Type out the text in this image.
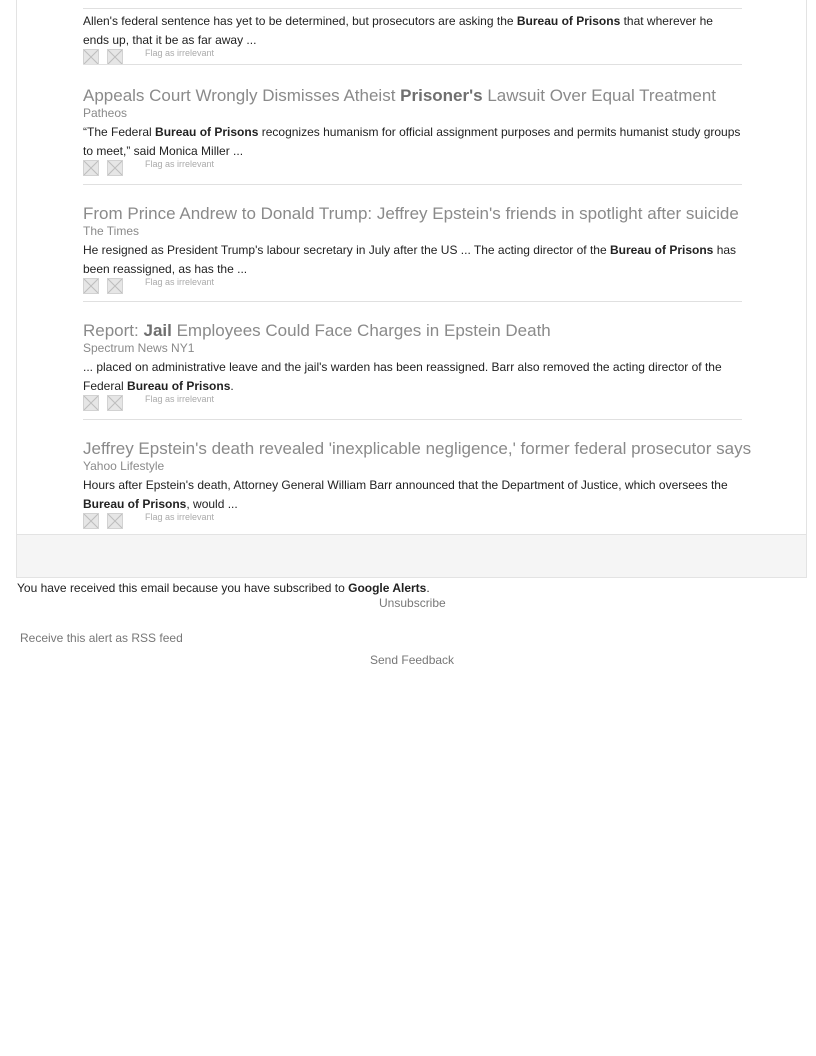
Allen's federal sentence has yet to be determined, but prosecutors are asking the Bureau of Prisons that wherever he ends up, that it be as far away ...

Flag as irrelevant

Appeals Court Wrongly Dismisses Atheist Prisoner's Lawsuit Over Equal Treatment

Patheos

“The Federal Bureau of Prisons recognizes humanism for official assignment purposes and permits humanist study groups to meet,” said Monica Miller ...

Flag as irrelevant

From Prince Andrew to Donald Trump: Jeffrey Epstein's friends in spotlight after suicide

The Times

He resigned as President Trump's labour secretary in July after the US ... The acting director of the Bureau of Prisons has been reassigned, as has the ...

Flag as irrelevant

Report: Jail Employees Could Face Charges in Epstein Death

Spectrum News NY1

... placed on administrative leave and the jail's warden has been reassigned. Barr also removed the acting director of the Federal Bureau of Prisons.

Flag as irrelevant

Jeffrey Epstein's death revealed 'inexplicable negligence,' former federal prosecutor says

Yahoo Lifestyle

Hours after Epstein's death, Attorney General William Barr announced that the Department of Justice, which oversees the Bureau of Prisons, would ...

Flag as irrelevant
You have received this email because you have subscribed to Google Alerts.
Unsubscribe
Receive this alert as RSS feed
Send Feedback
